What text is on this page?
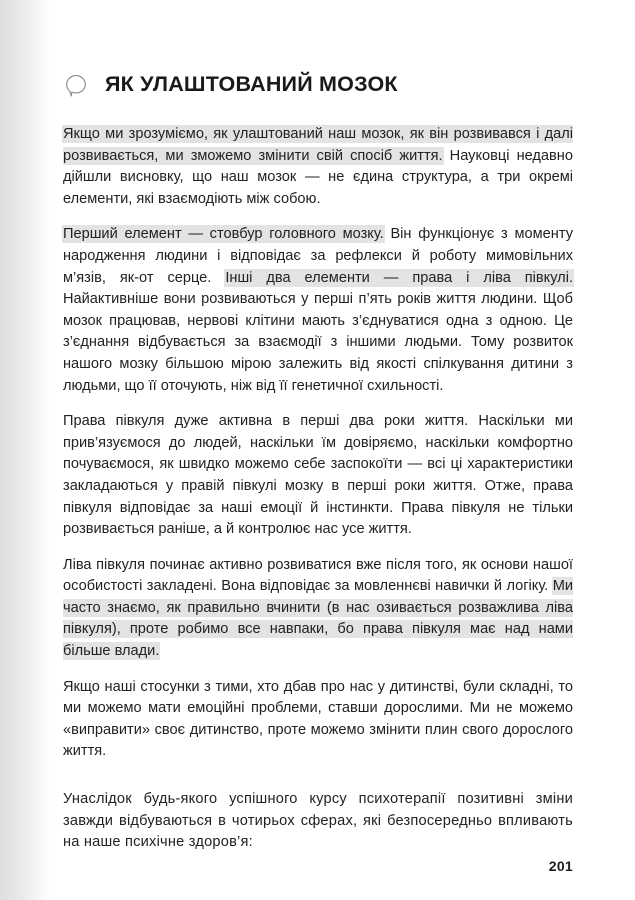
ЯК УЛАШТОВАНИЙ МОЗОК

Якщо ми зрозуміємо, як улаштований наш мозок, як він розвивався і далі розвивається, ми зможемо змінити свій спосіб життя. Науковці недавно дійшли висновку, що наш мозок — не єдина структура, а три окремі елементи, які взаємодіють між собою.

Перший елемент — стовбур головного мозку. Він функціонує з моменту народження людини і відповідає за рефлекси й роботу мимовільних м’язів, як-от серце. Інші два елементи — права і ліва півкулі. Найактивніше вони розвиваються у перші п’ять років життя людини. Щоб мозок працював, нервові клітини мають з’єднуватися одна з одною. Це з’єднання відбувається за взаємодії з іншими людьми. Тому розвиток нашого мозку більшою мірою залежить від якості спілкування дитини з людьми, що її оточують, ніж від її генетичної схильності.

Права півкуля дуже активна в перші два роки життя. Наскільки ми прив’язуємося до людей, наскільки їм довіряємо, наскільки комфортно почуваємося, як швидко можемо себе заспокоїти — всі ці характеристики закладаються у правій півкулі мозку в перші роки життя. Отже, права півкуля відповідає за наші емоції й інстинкти. Права півкуля не тільки розвивається раніше, а й контролює нас усе життя.

Ліва півкуля починає активно розвиватися вже після того, як основи нашої особистості закладені. Вона відповідає за мовленнєві навички й логіку. Ми часто знаємо, як правильно вчинити (в нас озивається розважлива ліва півкуля), проте робимо все навпаки, бо права півкуля має над нами більше влади.

Якщо наші стосунки з тими, хто дбав про нас у дитинстві, були складні, то ми можемо мати емоційні проблеми, ставши дорослими. Ми не можемо «виправити» своє дитинство, проте можемо змінити плин свого дорослого життя.

Унаслідок будь-якого успішного курсу психотерапії позитивні зміни завжди відбуваються в чотирьох сферах, які безпосередньо впливають на наше психічне здоров’я:

201
